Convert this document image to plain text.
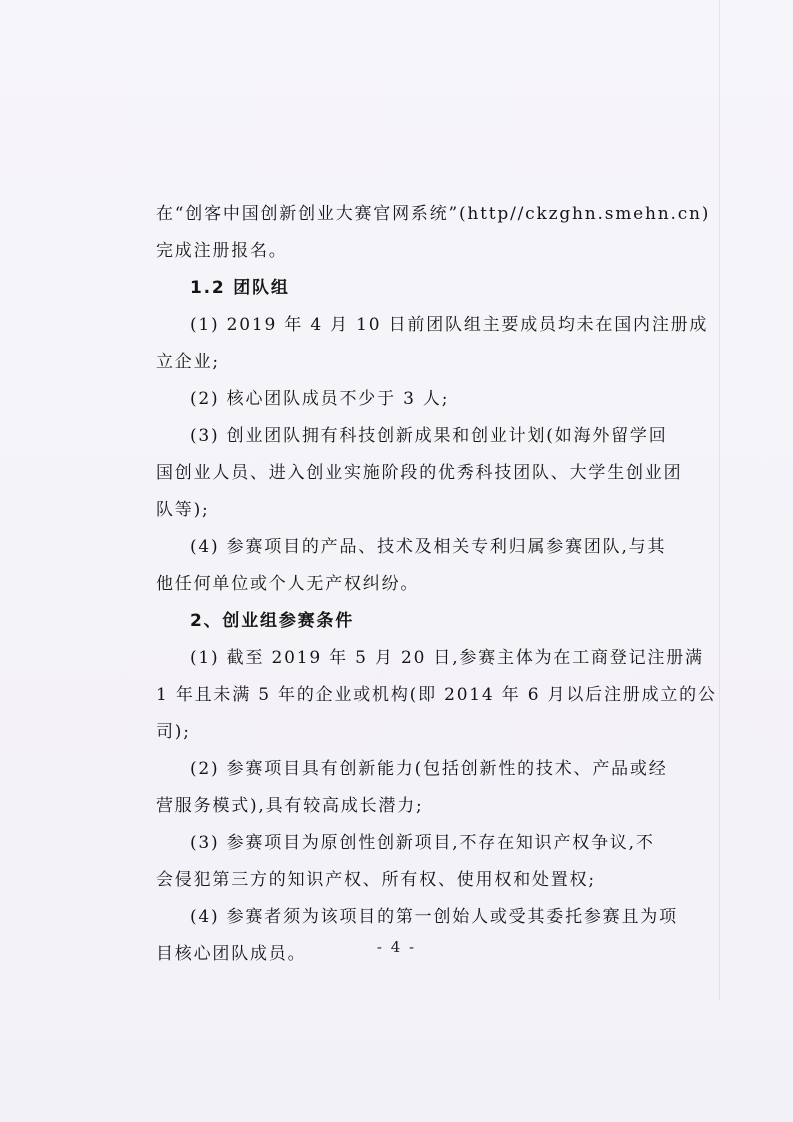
在“创客中国创新创业大赛官网系统”(http//ckzghn.smehn.cn)
完成注册报名。
1.2 团队组
(1) 2019 年 4 月 10 日前团队组主要成员均未在国内注册成
立企业;
(2) 核心团队成员不少于 3 人;
(3) 创业团队拥有科技创新成果和创业计划(如海外留学回
国创业人员、进入创业实施阶段的优秀科技团队、大学生创业团
队等);
(4) 参赛项目的产品、技术及相关专利归属参赛团队,与其
他任何单位或个人无产权纠纷。
2、创业组参赛条件
(1) 截至 2019 年 5 月 20 日,参赛主体为在工商登记注册满
1 年且未满 5 年的企业或机构(即 2014 年 6 月以后注册成立的公
司);
(2) 参赛项目具有创新能力(包括创新性的技术、产品或经
营服务模式),具有较高成长潜力;
(3) 参赛项目为原创性创新项目,不存在知识产权争议,不
会侵犯第三方的知识产权、所有权、使用权和处置权;
(4) 参赛者须为该项目的第一创始人或受其委托参赛且为项
目核心团队成员。	- 4 -
